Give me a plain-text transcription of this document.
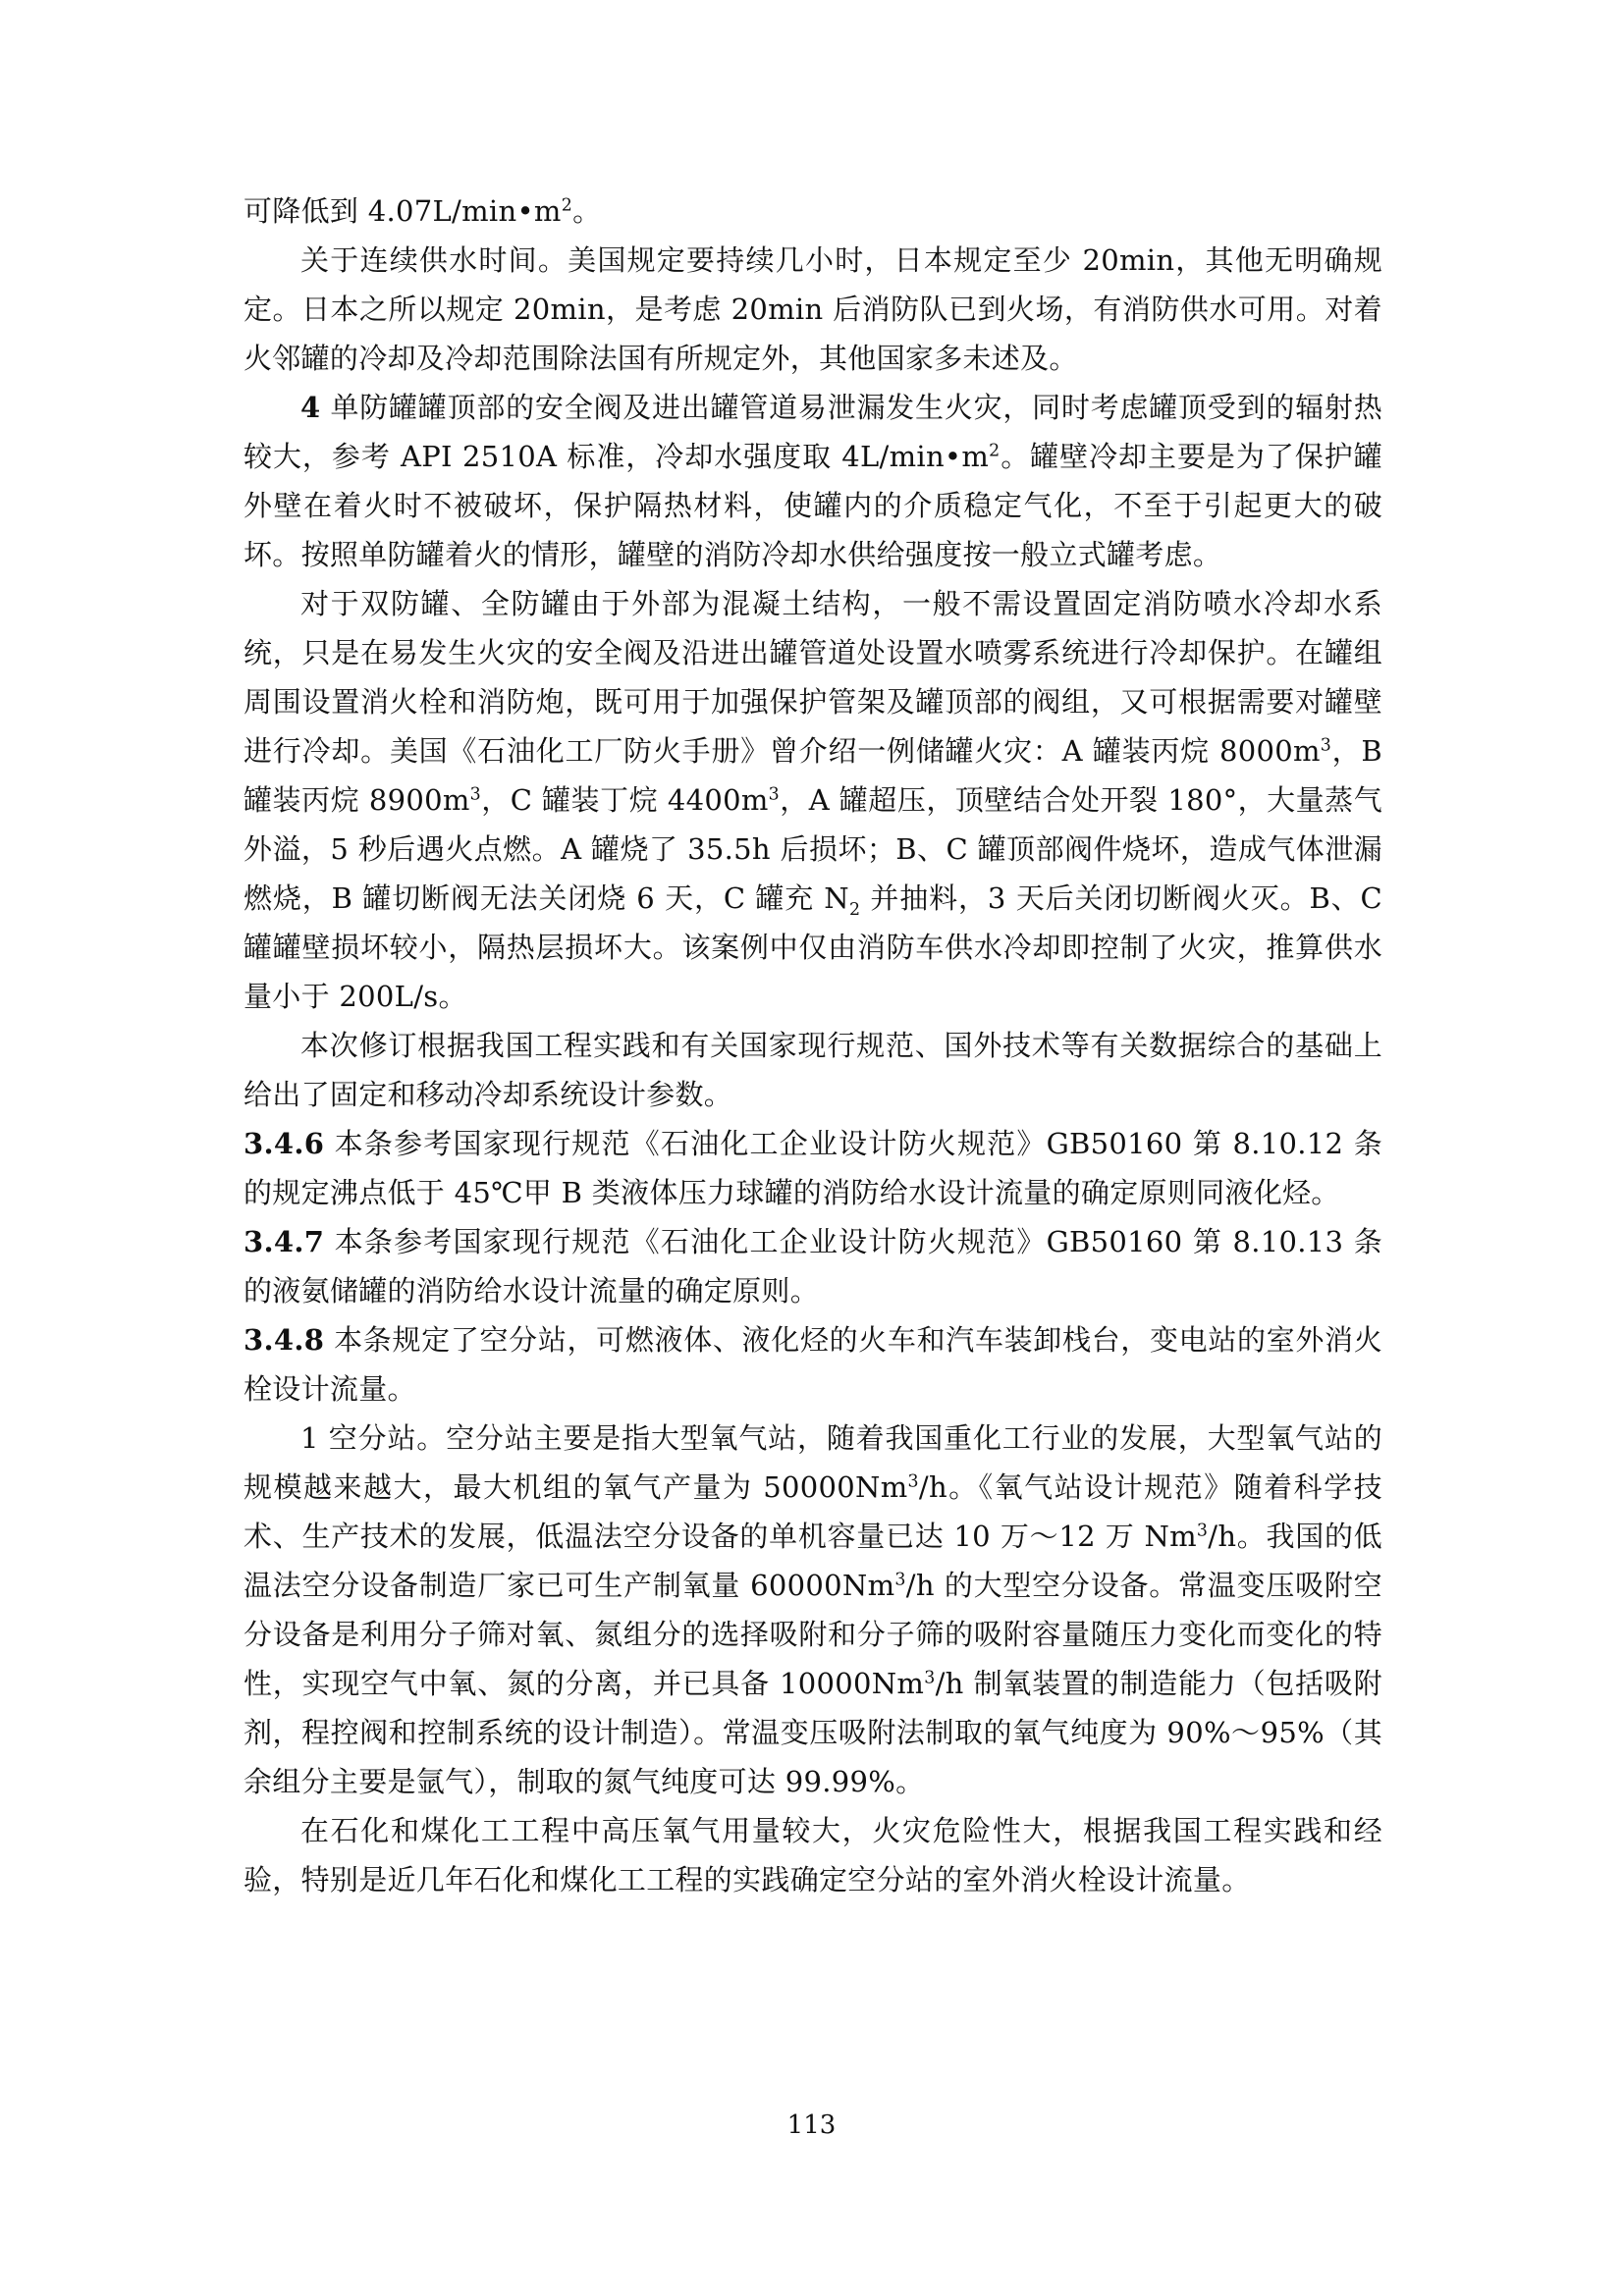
可降低到 $4.07L/\min•m^2$。

关于连续供水时间。美国规定要持续几小时，日本规定至少 20min，其他无明确规定。日本之所以规定 20min，是考虑 20min 后消防队已到火场，有消防供水可用。对着火邻罐的冷却及冷却范围除法国有所规定外，其他国家多未述及。

4 单防罐罐顶部的安全阀及进出罐管道易泄漏发生火灾，同时考虑罐顶受到的辐射热较大，参考 API 2510A 标准，冷却水强度取 $4L/\min•m^2$。罐壁冷却主要是为了保护罐外壁在着火时不被破坏，保护隔热材料，使罐内的介质稳定气化，不至于引起更大的破坏。按照单防罐着火的情形，罐壁的消防冷却水供给强度按一般立式罐考虑。

对于双防罐、全防罐由于外部为混凝土结构，一般不需设置固定消防喷水冷却水系统，只是在易发生火灾的安全阀及沿进出罐管道处设置水喷雾系统进行冷却保护。在罐组周围设置消火栓和消防炮，既可用于加强保护管架及罐顶部的阀组，又可根据需要对罐壁进行冷却。美国《石油化工厂防火手册》曾介绍一例储罐火灾：A 罐装丙烷 $8000m^3$，B 罐装丙烷 $8900m^3$，C 罐装丁烷 $4400m^3$，A 罐超压，顶壁结合处开裂 180°，大量蒸气外溢，5 秒后遇火点燃。A 罐烧了 35.5h 后损坏；B、C 罐顶部阀件烧坏，造成气体泄漏燃烧，B 罐切断阀无法关闭烧 6 天，C 罐充 $N_2$ 并抽料，3 天后关闭切断阀火灭。B、C 罐罐壁损坏较小，隔热层损坏大。该案例中仅由消防车供水冷却即控制了火灾，推算供水量小于 200L/s。

本次修订根据我国工程实践和有关国家现行规范、国外技术等有关数据综合的基础上给出了固定和移动冷却系统设计参数。

3.4.6 本条参考国家现行规范《石油化工企业设计防火规范》GB50160 第 8.10.12 条的规定沸点低于 45℃甲 B 类液体压力球罐的消防给水设计流量的确定原则同液化烃。

3.4.7 本条参考国家现行规范《石油化工企业设计防火规范》GB50160 第 8.10.13 条的液氨储罐的消防给水设计流量的确定原则。

3.4.8 本条规定了空分站，可燃液体、液化烃的火车和汽车装卸栈台，变电站的室外消火栓设计流量。

1 空分站。空分站主要是指大型氧气站，随着我国重化工行业的发展，大型氧气站的规模越来越大，最大机组的氧气产量为 50000Nm$^3$/h。《氧气站设计规范》随着科学技术、生产技术的发展，低温法空分设备的单机容量已达 10 万～12 万 Nm$^3$/h。我国的低温法空分设备制造厂家已可生产制氧量 60000Nm$^3$/h 的大型空分设备。常温变压吸附空分设备是利用分子筛对氧、氮组分的选择吸附和分子筛的吸附容量随压力变化而变化的特性，实现空气中氧、氮的分离，并已具备 10000Nm$^3$/h 制氧装置的制造能力（包括吸附剂，程控阀和控制系统的设计制造）。常温变压吸附法制取的氧气纯度为 90%～95%（其余组分主要是氩气），制取的氮气纯度可达 99.99%。

在石化和煤化工工程中高压氧气用量较大，火灾危险性大，根据我国工程实践和经验，特别是近几年石化和煤化工工程的实践确定空分站的室外消火栓设计流量。

113
